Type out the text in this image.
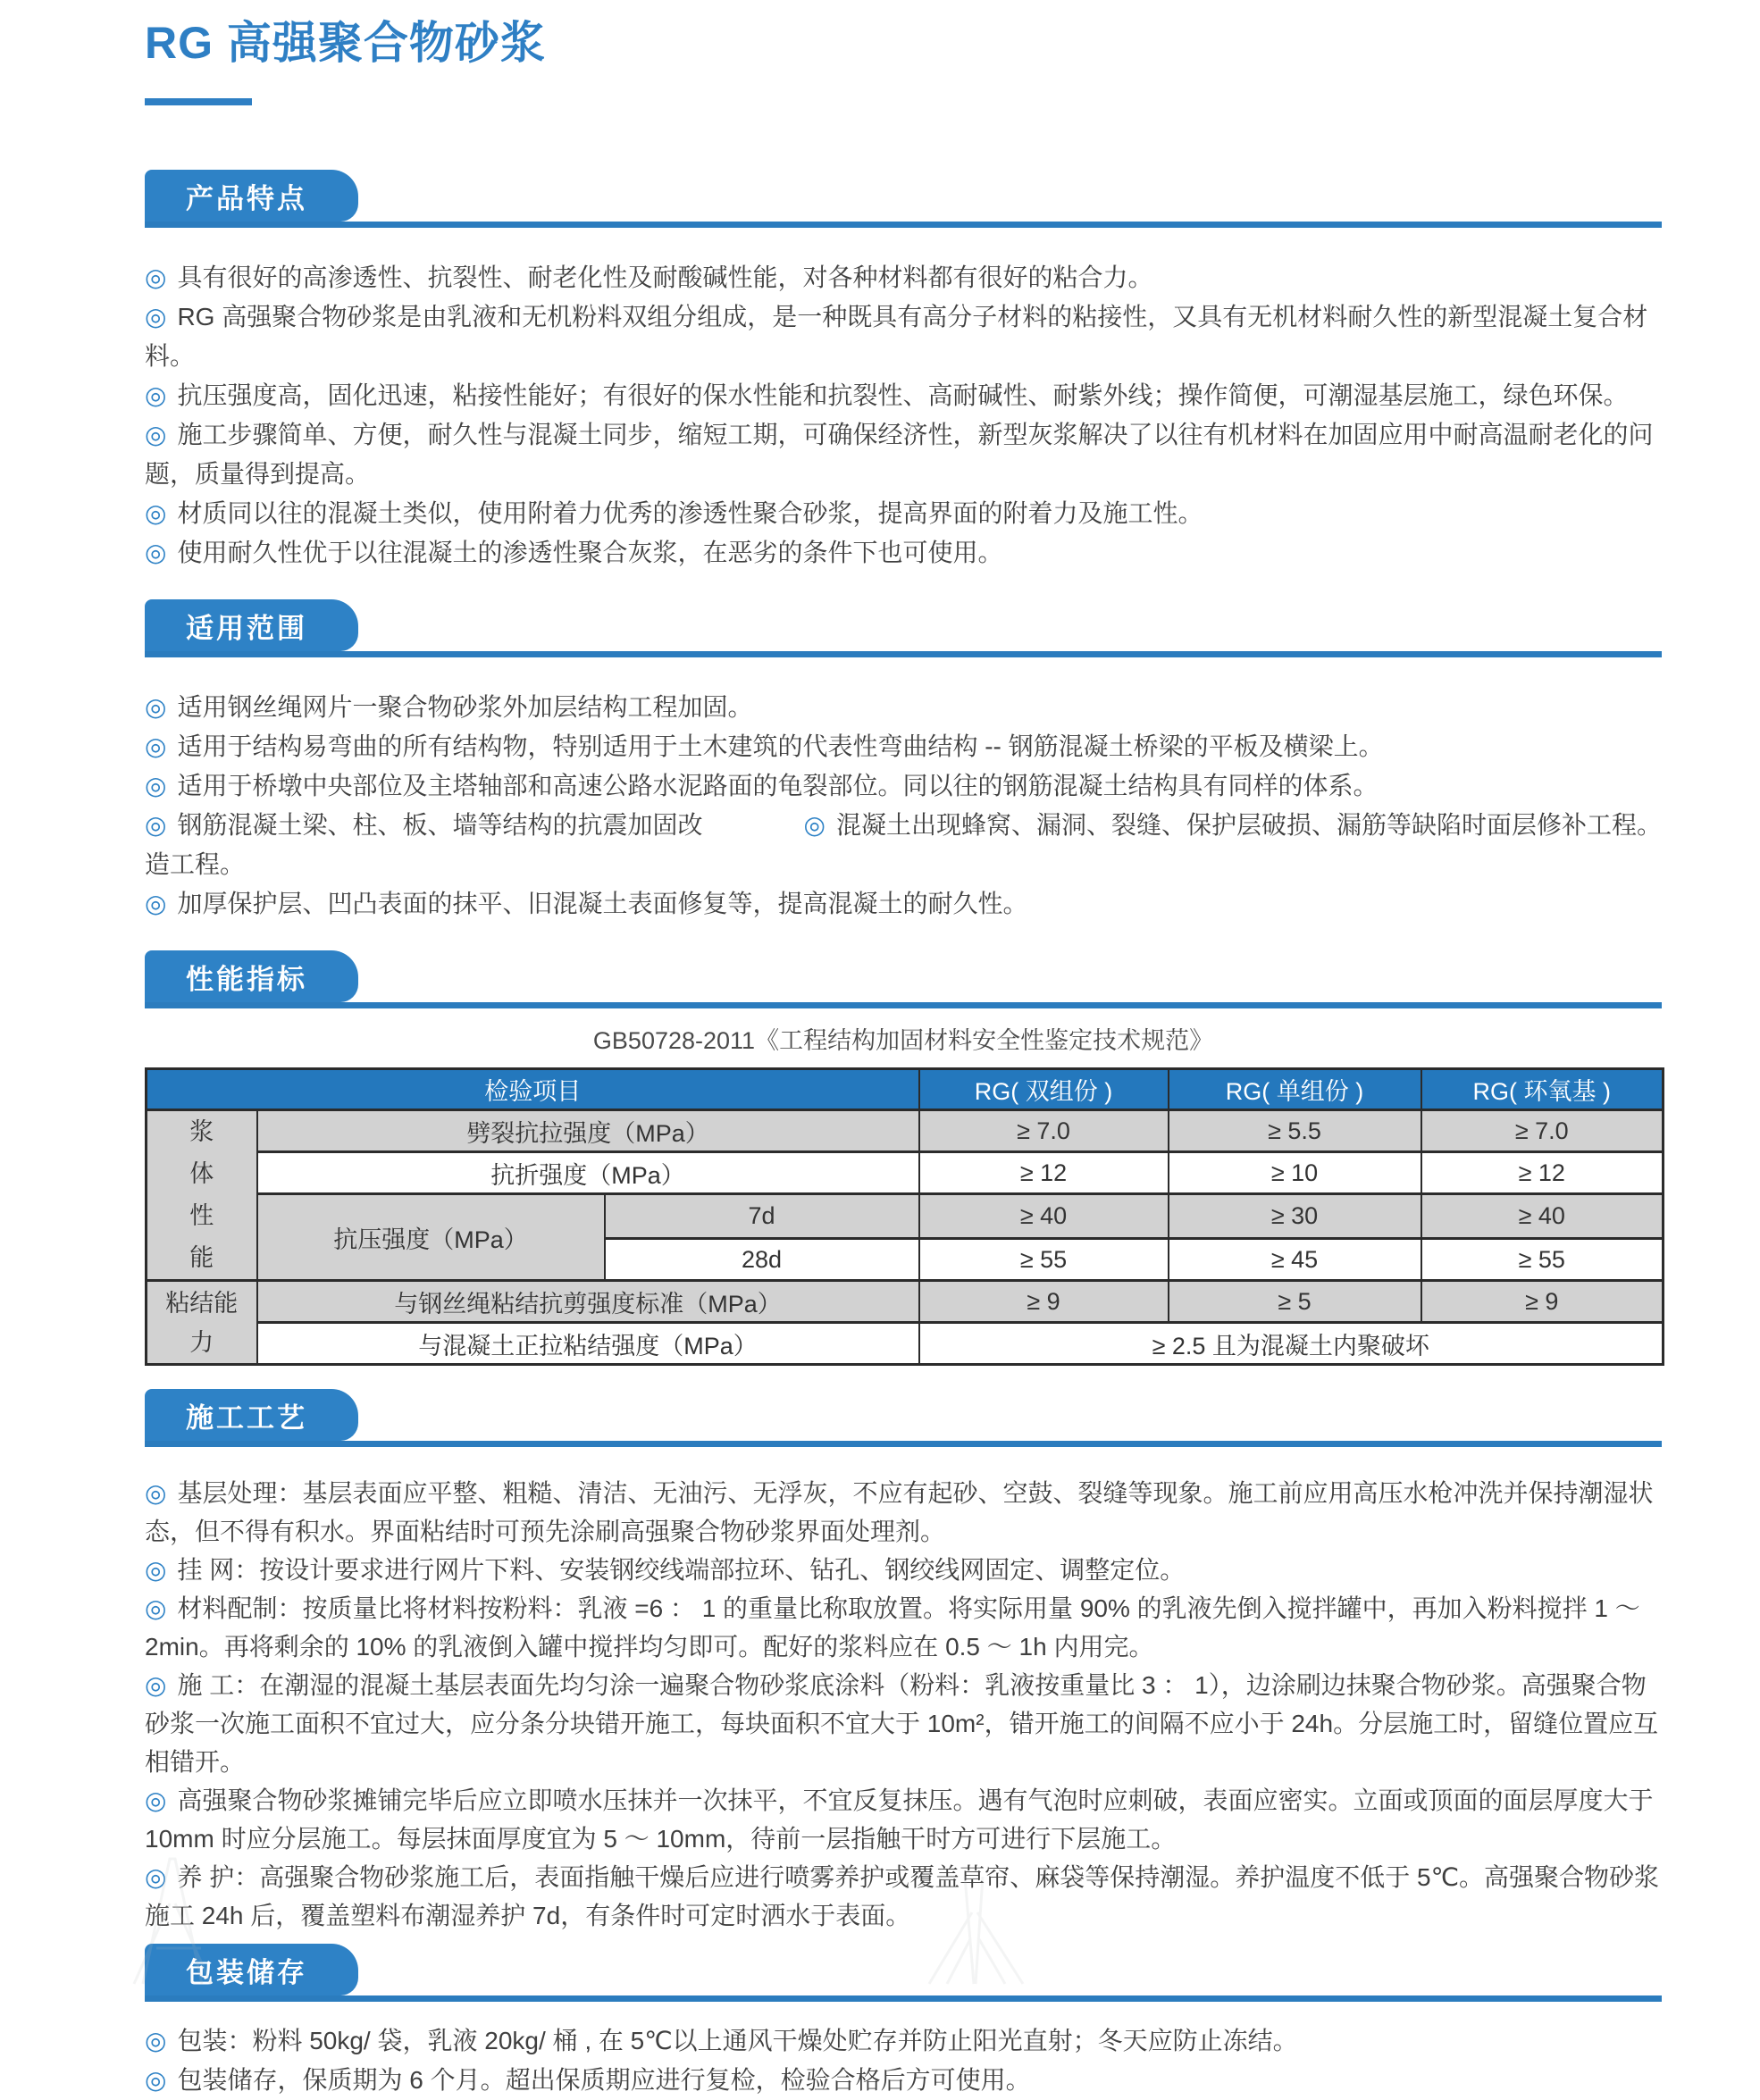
RG 高强聚合物砂浆
产品特点
◎ 具有很好的高渗透性、抗裂性、耐老化性及耐酸碱性能，对各种材料都有很好的粘合力。
◎ RG 高强聚合物砂浆是由乳液和无机粉料双组分组成，是一种既具有高分子材料的粘接性，又具有无机材料耐久性的新型混凝土复合材料。
◎ 抗压强度高，固化迅速，粘接性能好；有很好的保水性能和抗裂性、高耐碱性、耐紫外线；操作简便，可潮湿基层施工，绿色环保。
◎ 施工步骤简单、方便，耐久性与混凝土同步，缩短工期，可确保经济性，新型灰浆解决了以往有机材料在加固应用中耐高温耐老化的问题，质量得到提高。
◎ 材质同以往的混凝土类似，使用附着力优秀的渗透性聚合砂浆，提高界面的附着力及施工性。
◎ 使用耐久性优于以往混凝土的渗透性聚合灰浆，在恶劣的条件下也可使用。
适用范围
◎ 适用钢丝绳网片一聚合物砂浆外加层结构工程加固。
◎ 适用于结构易弯曲的所有结构物，特别适用于土木建筑的代表性弯曲结构 -- 钢筋混凝土桥梁的平板及横梁上。
◎ 适用于桥墩中央部位及主塔轴部和高速公路水泥路面的龟裂部位。同以往的钢筋混凝土结构具有同样的体系。
◎ 钢筋混凝土梁、柱、板、墙等结构的抗震加固改造工程。
◎ 混凝土出现蜂窝、漏洞、裂缝、保护层破损、漏筋等缺陷时面层修补工程。
◎ 加厚保护层、凹凸表面的抹平、旧混凝土表面修复等，提高混凝土的耐久性。
性能指标
GB50728-2011《工程结构加固材料安全性鉴定技术规范》
检验项目			RG( 双组份 )	RG( 单组份 )	RG( 环氧基 )
浆体性能	劈裂抗拉强度（MPa）		≥ 7.0	≥ 5.5	≥ 7.0
	抗折强度（MPa）		≥ 12	≥ 10	≥ 12
	抗压强度（MPa）	7d	≥ 40	≥ 30	≥ 40
		28d	≥ 55	≥ 45	≥ 55
粘结能力	与钢丝绳粘结抗剪强度标准（MPa）		≥ 9	≥ 5	≥ 9
	与混凝土正拉粘结强度（MPa）		≥ 2.5 且为混凝土内聚破坏		
施工工艺
◎ 基层处理：基层表面应平整、粗糙、清洁、无油污、无浮灰，不应有起砂、空鼓、裂缝等现象。施工前应用高压水枪冲洗并保持潮湿状态，但不得有积水。界面粘结时可预先涂刷高强聚合物砂浆界面处理剂。
◎ 挂 网：按设计要求进行网片下料、安装钢绞线端部拉环、钻孔、钢绞线网固定、调整定位。
◎ 材料配制：按质量比将材料按粉料：乳液 =6 ： 1 的重量比称取放置。将实际用量 90% 的乳液先倒入搅拌罐中，再加入粉料搅拌 1 ～ 2min。再将剩余的 10% 的乳液倒入罐中搅拌均匀即可。配好的浆料应在 0.5 ～ 1h 内用完。
◎ 施 工：在潮湿的混凝土基层表面先均匀涂一遍聚合物砂浆底涂料（粉料：乳液按重量比 3 ： 1），边涂刷边抹聚合物砂浆。高强聚合物砂浆一次施工面积不宜过大，应分条分块错开施工，每块面积不宜大于 10m²，错开施工的间隔不应小于 24h。分层施工时，留缝位置应互相错开。
◎ 高强聚合物砂浆摊铺完毕后应立即喷水压抹并一次抹平，不宜反复抹压。遇有气泡时应刺破，表面应密实。立面或顶面的面层厚度大于 10mm 时应分层施工。每层抹面厚度宜为 5 ～ 10mm，待前一层指触干时方可进行下层施工。
◎ 养 护：高强聚合物砂浆施工后，表面指触干燥后应进行喷雾养护或覆盖草帘、麻袋等保持潮湿。养护温度不低于 5℃。高强聚合物砂浆施工 24h 后，覆盖塑料布潮湿养护 7d，有条件时可定时洒水于表面。
包装储存
◎ 包装：粉料 50kg/ 袋，乳液 20kg/ 桶 , 在 5℃以上通风干燥处贮存并防止阳光直射；冬天应防止冻结。
◎ 包装储存，保质期为 6 个月。超出保质期应进行复检，检验合格后方可使用。
